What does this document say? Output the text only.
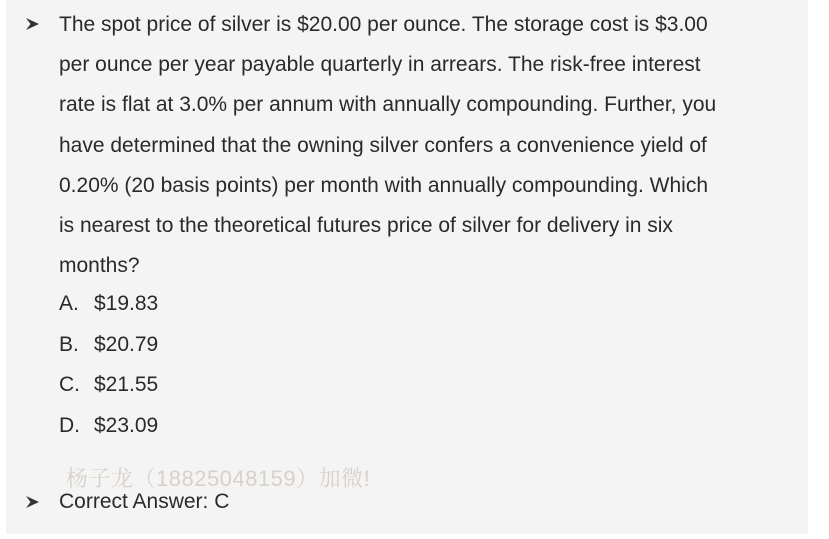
The spot price of silver is $20.00 per ounce. The storage cost is $3.00
per ounce per year payable quarterly in arrears. The risk-free interest
rate is flat at 3.0% per annum with annually compounding. Further, you
have determined that the owning silver confers a convenience yield of
0.20% (20 basis points) per month with annually compounding. Which
is nearest to the theoretical futures price of silver for delivery in six
months?

A. $19.83
B. $20.79
C. $21.55
D. $23.09
杨子龙（18825048159）加微!
Correct Answer: C
